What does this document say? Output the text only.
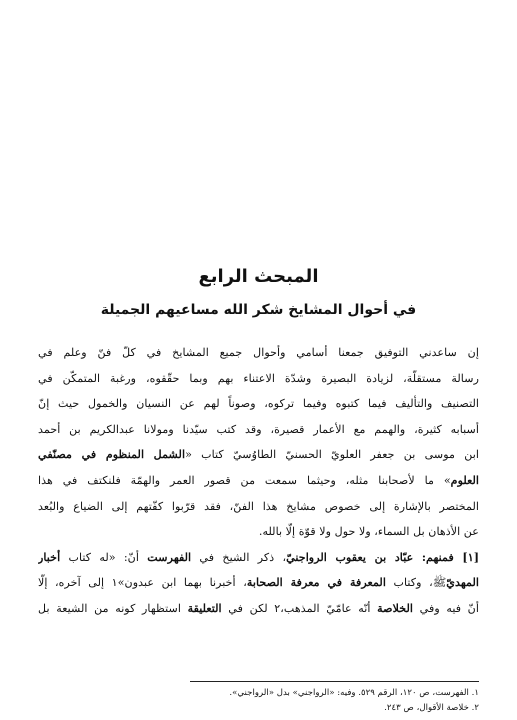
المبحث الرابع
في أحوال المشايخ شكر الله مساعيهم الجميلة
إن ساعدني التوفيق جمعنا أسامي وأحوال جميع المشايخ في كلّ فنّ وعلم في
رسالة مستقلّة، لزيادة البصيرة وشدّة الاعتناء بهم وبما حقّقوه، ورغبة المتمكّن في
التصنيف والتأليف فيما كتبوه وفيما تركوه، وصوناً لهم عن النسيان والخمول حيث إنّ
أسبابه كثيرة، والهمم مع الأعمار قصيرة، وقد كتب سيّدنا ومولانا عبدالكريم بن أحمد
ابن موسى بن جعفر العلويّ الحسنيّ الطاوُسيّ كتاب «الشمل المنظوم في مصنّفي
العلوم» ما لأصحابنا مثله، وحيثما سمعت من قصور العمر والهمّة فلنكتف في هذا
المختصر بالإشارة إلى خصوص مشايخ هذا الفنّ، فقد قرّبوا كفّتهم إلى الضياع والبُعد
عن الأذهان بل السماء، ولا حول ولا قوّة إلّا بالله.
[١] فمنهم: عبّاد بن يعقوب الرواجنيّ، ذكر الشيخ في الفهرست أنّ: «له كتاب أخبار
المهديّﷺ، وكتاب المعرفة في معرفة الصحابة، أخبرنا بهما ابن عبدون»١ إلى آخره، إلّا
أنّ فيه وفي الخلاصة أنّه عامّيّ المذهب،٢ لكن في التعليقة استظهار كونه من الشيعة بل
١. الفهرست، ص ١٢٠، الرقم ٥٢٩. وفيه: «الرواجني» بدل «الرواجني».
٢. خلاصة الأقوال، ص ٢٤٣.
